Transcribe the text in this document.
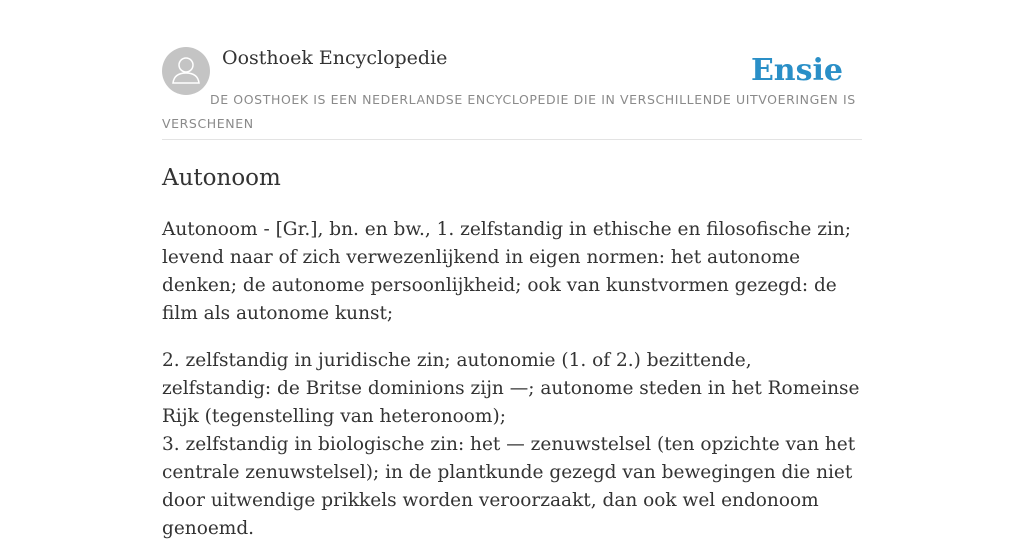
Oosthoek Encyclopedie	Ensie
DE OOSTHOEK IS EEN NEDERLANDSE ENCYCLOPEDIE DIE IN VERSCHILLENDE UITVOERINGEN IS VERSCHENEN
Autonoom

Autonoom - [Gr.], bn. en bw., 1. zelfstandig in ethische en filosofische zin; levend naar of zich verwezenlijkend in eigen normen: het autonome denken; de autonome persoonlijkheid; ook van kunstvormen gezegd: de film als autonome kunst;

2. zelfstandig in juridische zin; autonomie (1. of 2.) bezittende, zelfstandig: de Britse dominions zijn —; autonome steden in het Romeinse Rijk (tegenstelling van heteronoom);

3. zelfstandig in biologische zin: het — zenuwstelsel (ten opzichte van het centrale zenuwstelsel); in de plantkunde gezegd van bewegingen die niet door uitwendige prikkels worden veroorzaakt, dan ook wel endonoom genoemd.
